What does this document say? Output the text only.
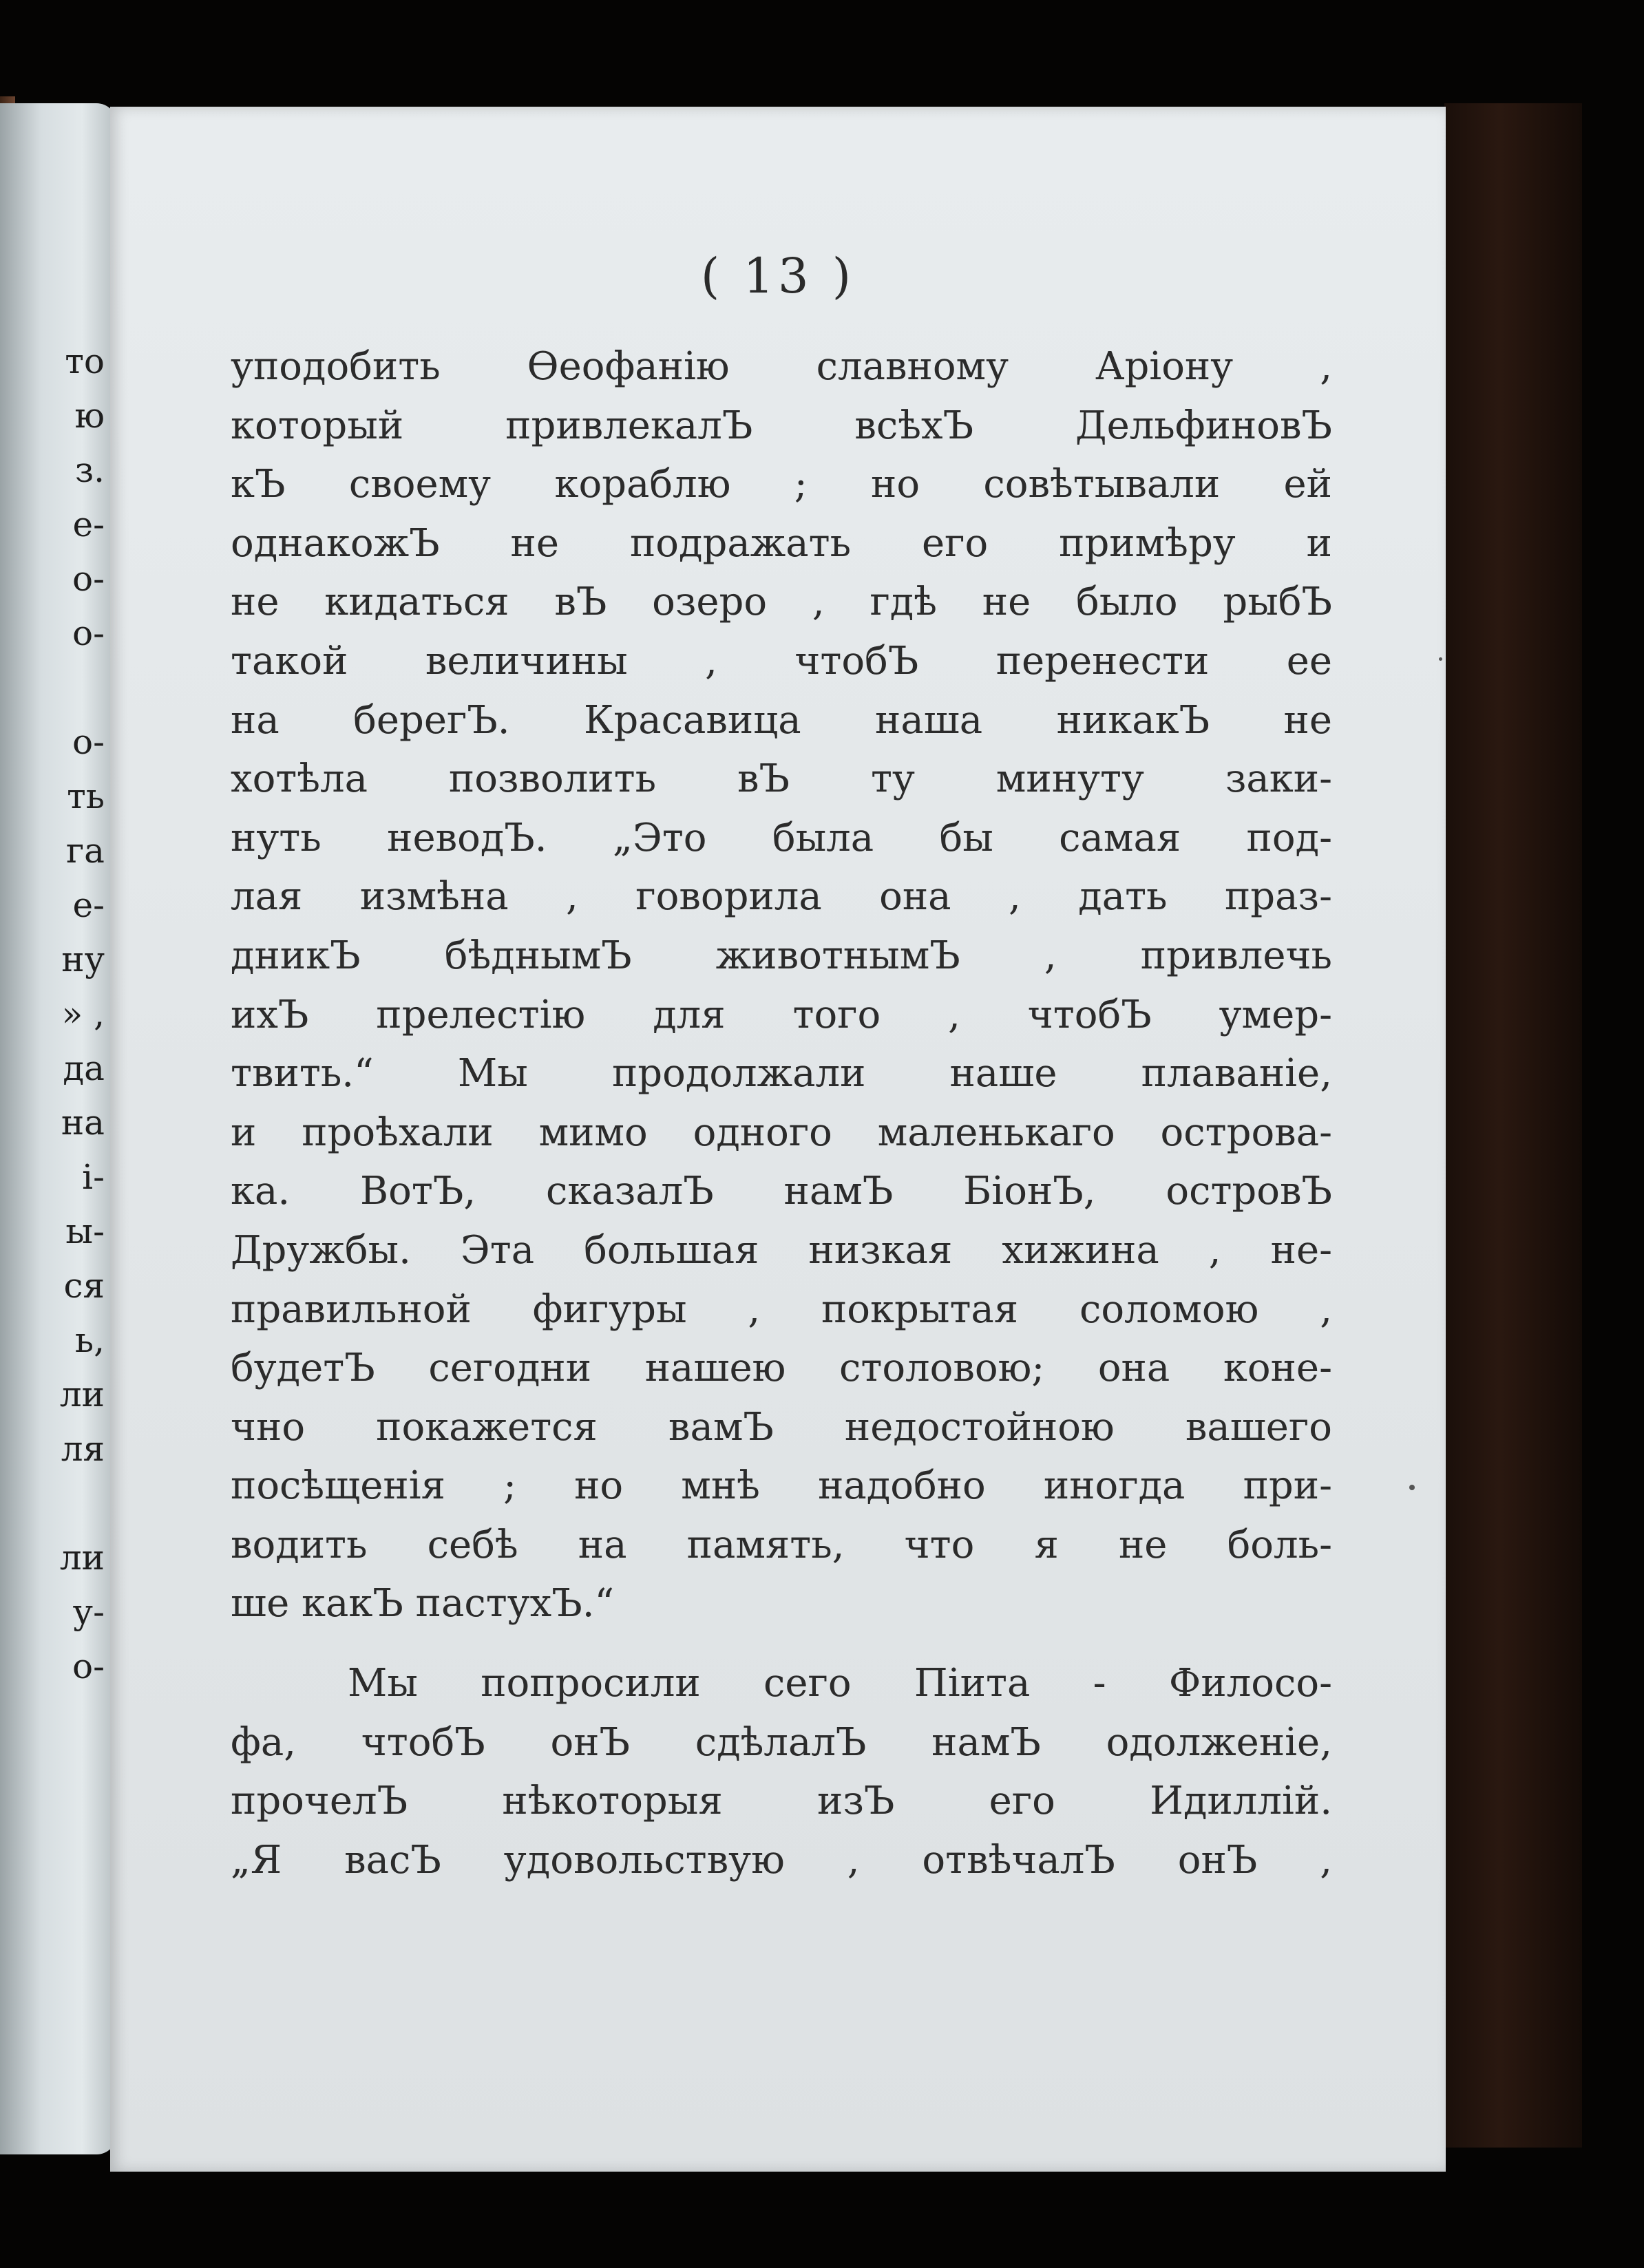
то
ю
з.
е-
о-
о-
о-
ть
га
е-
ну
» ,
да
на
і-
ы-
ся
ь,
ли
ля
ли
у-
о-
( 13 )
уподобить Ѳеофанію славному Аріону ,
который привлекалЪ всѣхЪ ДельфиновЪ
кЪ своему кораблю ; но совѣтывали ей
однакожЪ не подражать его примѣру и
не кидаться вЪ озеро , гдѣ не было рыбЪ
такой величины , чтобЪ перенести ее
на берегЪ. Красавица наша никакЪ не
хотѣла позволить вЪ ту минуту заки-
нуть неводЪ. „Это была бы самая под-
лая измѣна , говорила она , дать праз-
дникЪ бѣднымЪ животнымЪ , привлечь
ихЪ прелестію для того , чтобЪ умер-
твить.“ Мы продолжали наше плаваніе,
и проѣхали мимо одного маленькаго острова-
ка. ВотЪ, сказалЪ намЪ БіонЪ, островЪ
Дружбы. Эта большая низкая хижина , не-
правильной фигуры , покрытая соломою ,
будетЪ сегодни нашею столовою; она коне-
чно покажется вамЪ недостойною вашего
посѣщенія ; но мнѣ надобно иногда при-
водить себѣ на память, что я не боль-
ше какЪ пастухЪ.“
Мы попросили сего Піита - Филосо-
фа, чтобЪ онЪ сдѣлалЪ намЪ одолженіе,
прочелЪ нѣкоторыя изЪ его Идиллій.
„Я васЪ удовольствую , отвѣчалЪ онЪ ,
